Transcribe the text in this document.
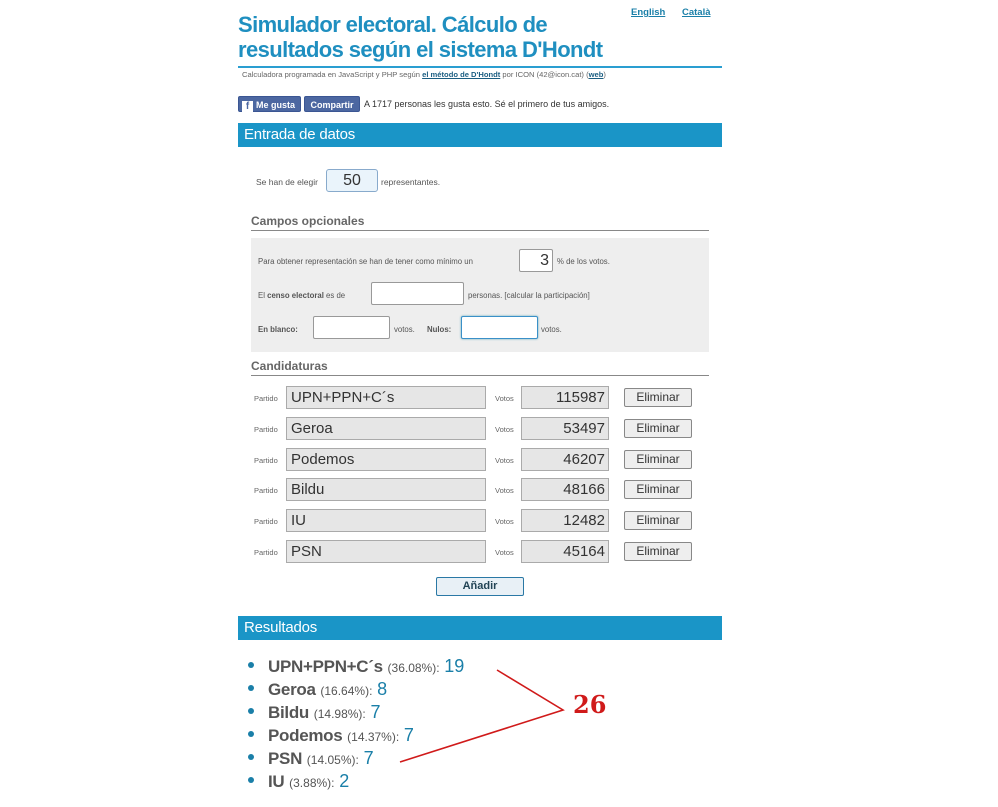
English Català
Simulador electoral. Cálculo de
resultados según el sistema D'Hondt
Calculadora programada en JavaScript y PHP según el método de D'Hondt por ICON (42@icon.cat) (web)
f Me gusta	Compartir	A 1717 personas les gusta esto. Sé el primero de tus amigos.
Entrada de datos
Se han de elegir	50	representantes.
Campos opcionales
Para obtener representación se han de tener como mínimo un	3	% de los votos.
El censo electoral es de	personas. [calcular la participación]
En blanco:	votos. Nulos:	votos.
Candidaturas
Partido UPN+PPN+C´s	Votos	115987	Eliminar
Partido Geroa	Votos	53497	Eliminar
Partido Podemos	Votos	46207	Eliminar
Partido Bildu	Votos	48166	Eliminar
Partido IU	Votos	12482	Eliminar
Partido PSN	Votos	45164	Eliminar
Añadir
Resultados
UPN+PPN+C´s (36.08%): 19
Geroa (16.64%): 8
Bildu (14.98%): 7
Podemos (14.37%): 7
PSN (14.05%): 7
IU (3.88%): 2
26
